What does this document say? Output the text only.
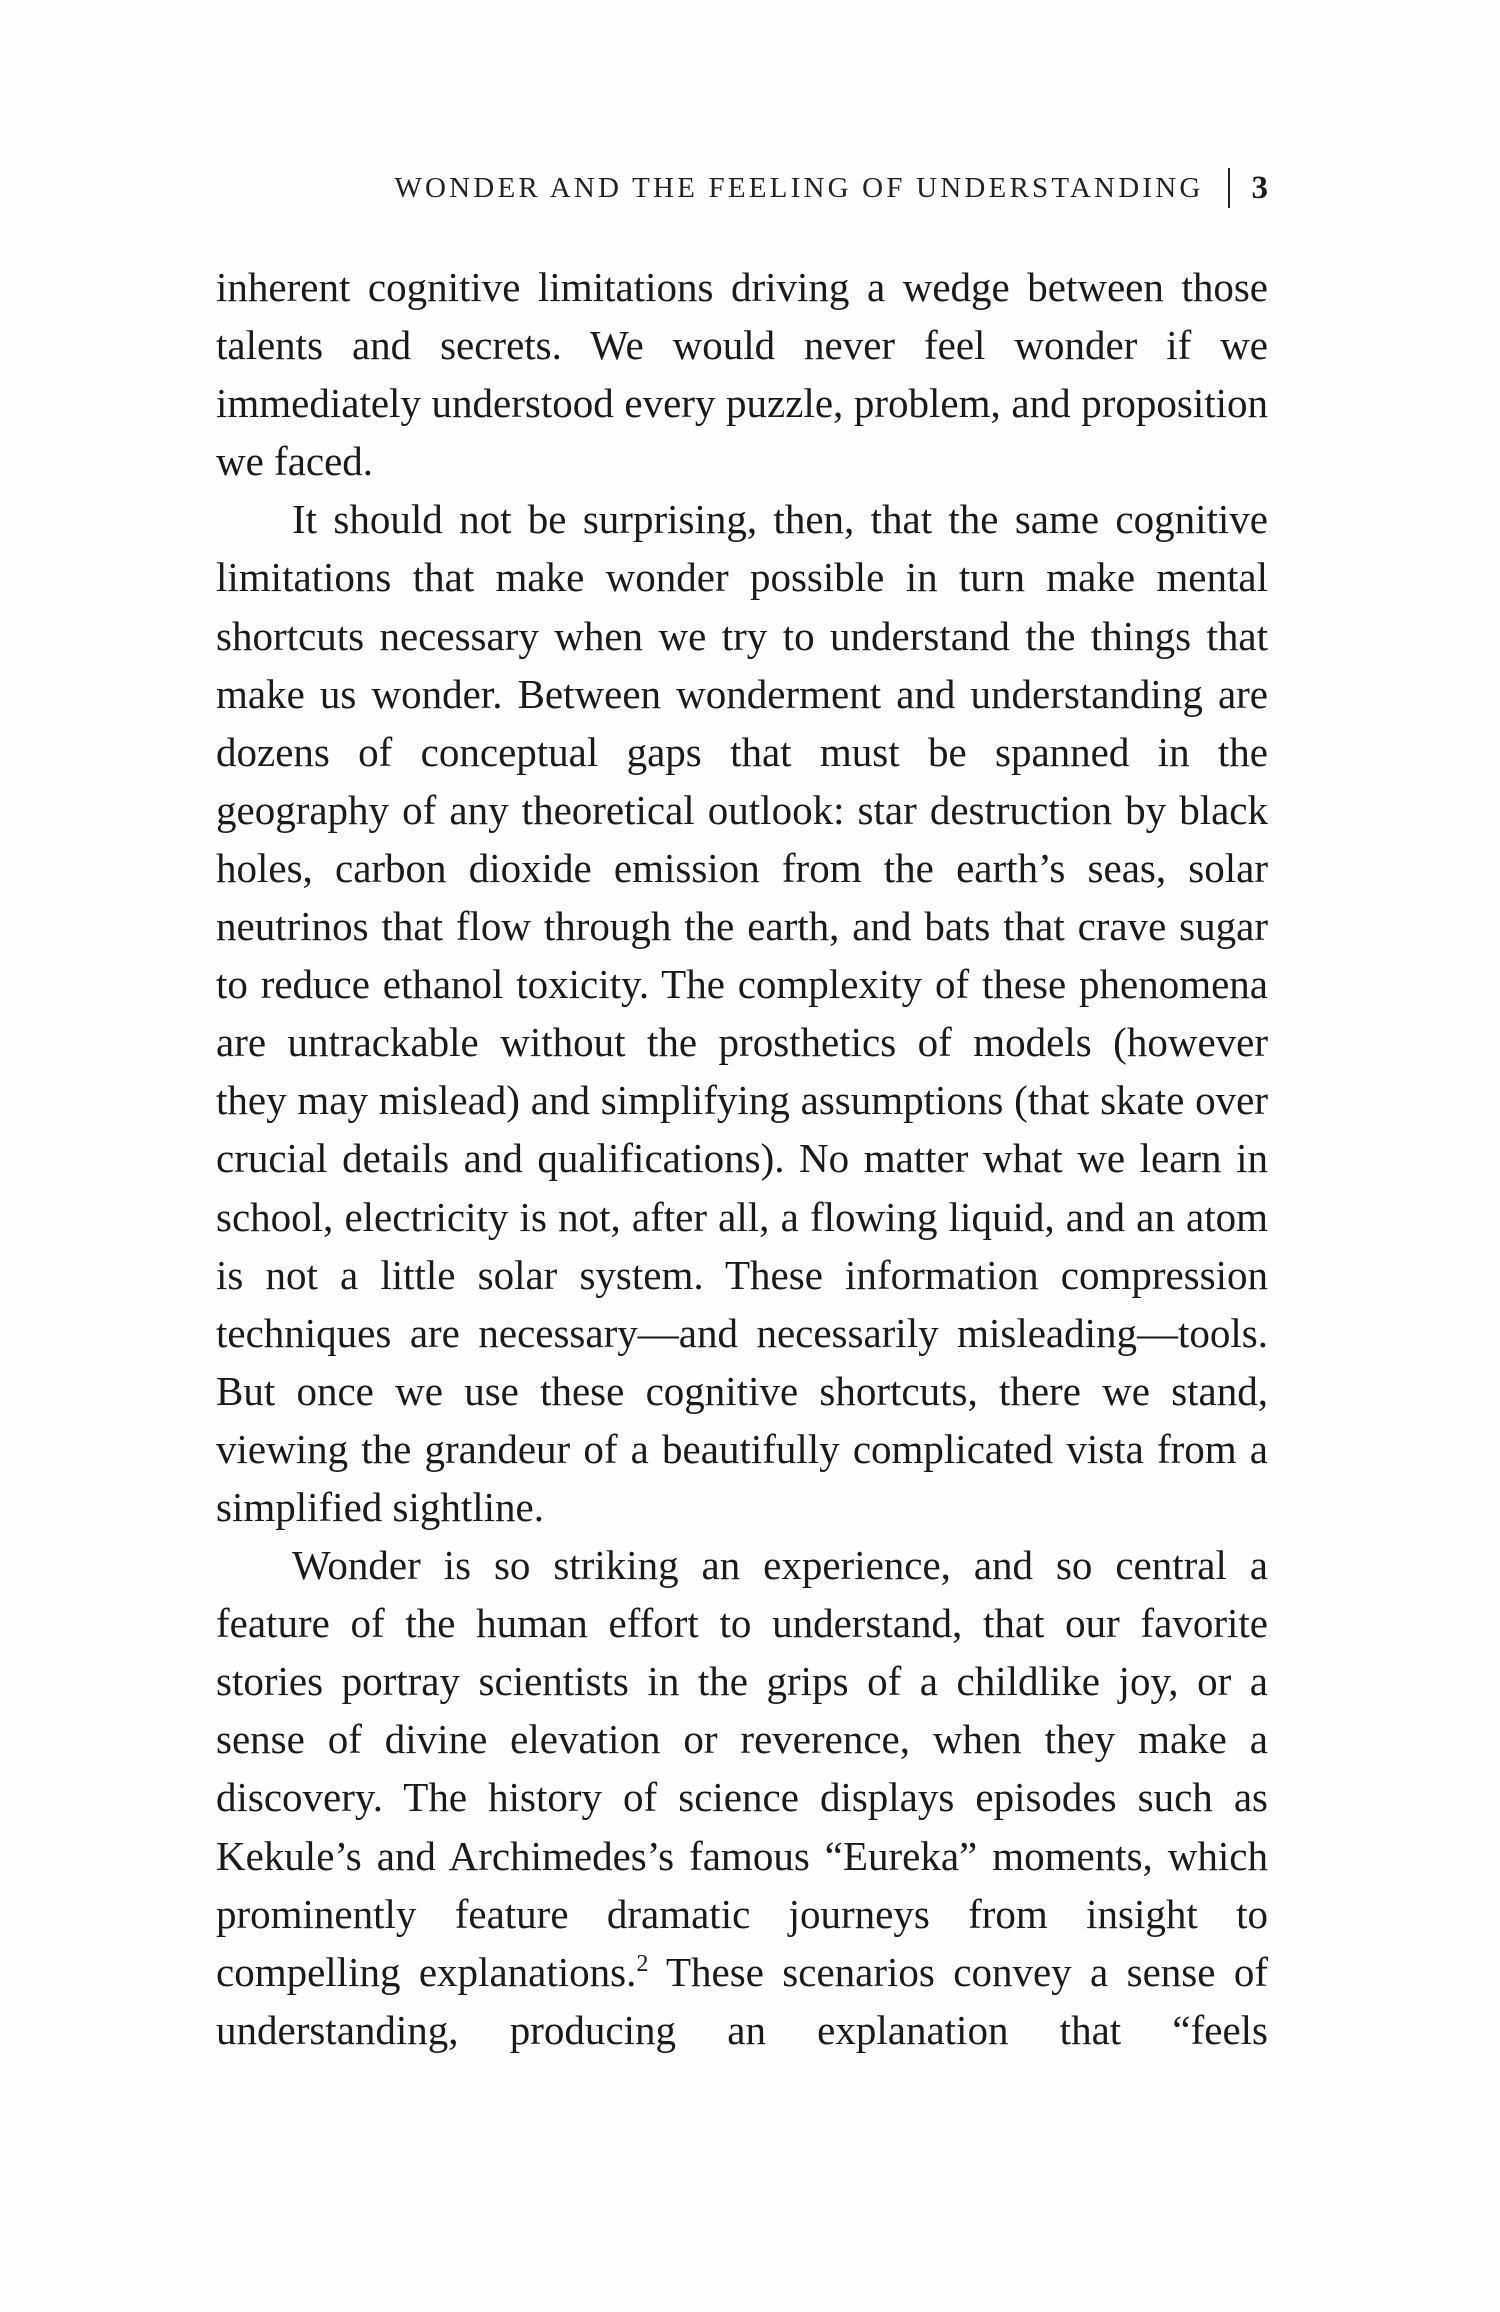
WONDER AND THE FEELING OF UNDERSTANDING 3

inherent cognitive limitations driving a wedge between those talents and secrets. We would never feel wonder if we immediately understood every puzzle, problem, and proposition we faced.

It should not be surprising, then, that the same cognitive limitations that make wonder possible in turn make mental shortcuts necessary when we try to understand the things that make us wonder. Between wonderment and understanding are dozens of conceptual gaps that must be spanned in the geography of any theoretical outlook: star destruction by black holes, carbon dioxide emission from the earth’s seas, solar neutrinos that flow through the earth, and bats that crave sugar to reduce ethanol toxicity. The complexity of these phenomena are untrackable without the prosthetics of models (however they may mislead) and simplifying assumptions (that skate over crucial details and qualifications). No matter what we learn in school, electricity is not, after all, a flowing liquid, and an atom is not a little solar system. These information compression techniques are necessary—and necessarily misleading—tools. But once we use these cognitive shortcuts, there we stand, viewing the grandeur of a beautifully complicated vista from a simplified sightline.

Wonder is so striking an experience, and so central a feature of the human effort to understand, that our favorite stories portray scientists in the grips of a childlike joy, or a sense of divine elevation or reverence, when they make a discovery. The history of science displays episodes such as Kekule’s and Archimedes’s famous “Eureka” moments, which prominently feature dramatic journeys from insight to compelling explanations.$^2$ These scenarios convey a sense of understanding, producing an explanation that “feels
